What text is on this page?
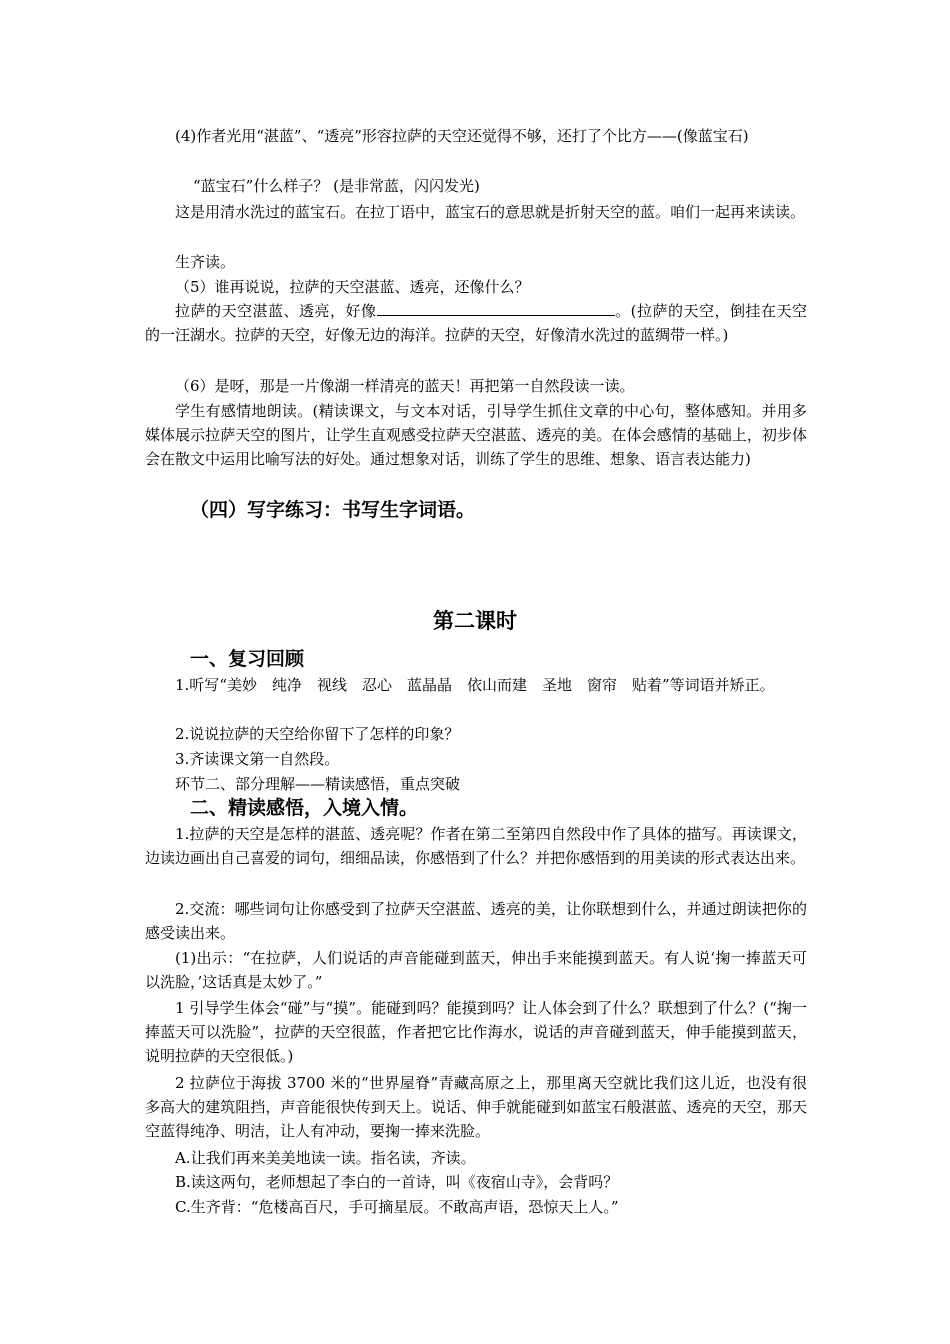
(4)作者光用“湛蓝”、“透亮”形容拉萨的天空还觉得不够，还打了个比方——(像蓝宝石)

“蓝宝石”什么样子？ (是非常蓝，闪闪发光)

这是用清水洗过的蓝宝石。在拉丁语中，蓝宝石的意思就是折射天空的蓝。咱们一起再来读读。

生齐读。

（5）谁再说说，拉萨的天空湛蓝、透亮，还像什么？

拉萨的天空湛蓝、透亮，好像	。(拉萨的天空，倒挂在天空的一汪湖水。拉萨的天空，好像无边的海洋。拉萨的天空，好像清水洗过的蓝绸带一样。)

（6）是呀，那是一片像湖一样清亮的蓝天！再把第一自然段读一读。

学生有感情地朗读。(精读课文，与文本对话，引导学生抓住文章的中心句，整体感知。并用多媒体展示拉萨天空的图片，让学生直观感受拉萨天空湛蓝、透亮的美。在体会感情的基础上，初步体会在散文中运用比喻写法的好处。通过想象对话，训练了学生的思维、想象、语言表达能力)

（四）写字练习：书写生字词语。

第二课时

一、复习回顾

1.听写“美妙　纯净　视线　忍心　蓝晶晶　依山而建　圣地　窗帘　贴着”等词语并矫正。

2.说说拉萨的天空给你留下了怎样的印象？

3.齐读课文第一自然段。

环节二、部分理解——精读感悟，重点突破

二、精读感悟，入境入情。

1.拉萨的天空是怎样的湛蓝、透亮呢？作者在第二至第四自然段中作了具体的描写。再读课文，边读边画出自己喜爱的词句，细细品读，你感悟到了什么？并把你感悟到的用美读的形式表达出来。

2.交流：哪些词句让你感受到了拉萨天空湛蓝、透亮的美，让你联想到什么，并通过朗读把你的感受读出来。

(1)出示：“在拉萨，人们说话的声音能碰到蓝天，伸出手来能摸到蓝天。有人说‘掬一捧蓝天可以洗脸，’这话真是太妙了。”

1 引导学生体会“碰”与“摸”。能碰到吗？能摸到吗？让人体会到了什么？联想到了什么？(“掬一捧蓝天可以洗脸”，拉萨的天空很蓝，作者把它比作海水，说话的声音碰到蓝天，伸手能摸到蓝天，说明拉萨的天空很低。)

2 拉萨位于海拔 3700 米的“世界屋脊”青藏高原之上，那里离天空就比我们这儿近，也没有很多高大的建筑阻挡，声音能很快传到天上。说话、伸手就能碰到如蓝宝石般湛蓝、透亮的天空，那天空蓝得纯净、明洁，让人有冲动，要掬一捧来洗脸。

A.让我们再来美美地读一读。指名读，齐读。

B.读这两句，老师想起了李白的一首诗，叫《夜宿山寺》，会背吗？

C.生齐背：“危楼高百尺，手可摘星辰。不敢高声语，恐惊天上人。”
